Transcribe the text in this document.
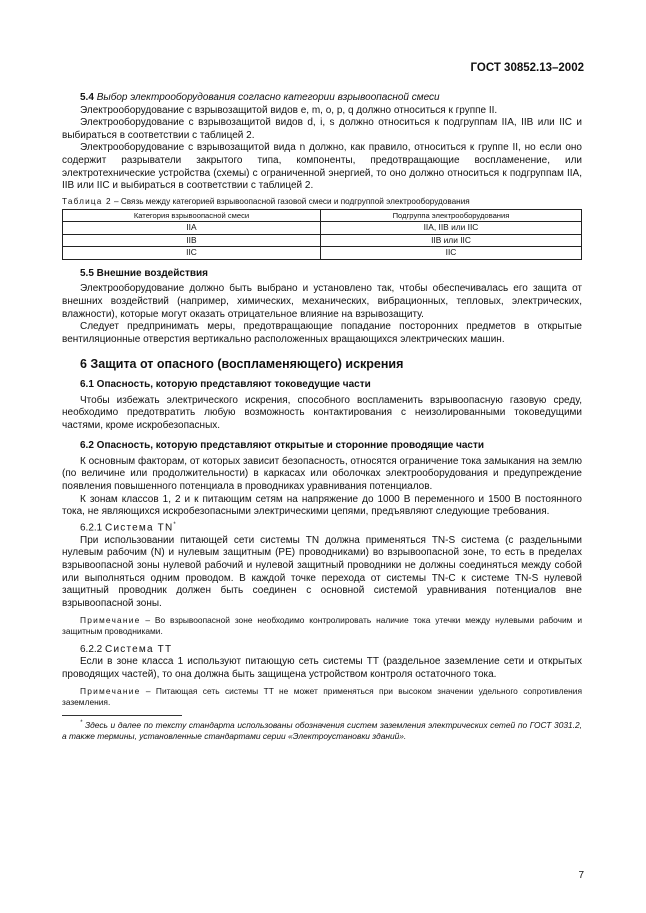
ГОСТ 30852.13–2002

5.4 Выбор электрооборудования согласно категории взрывоопасной смеси

Электрооборудование с взрывозащитой видов e, m, o, p, q должно относиться к группе II.

Электрооборудование с взрывозащитой видов d, i, s должно относиться к подгруппам IIA, IIB или IIC и выбираться в соответствии с таблицей 2.

Электрооборудование с взрывозащитой вида n должно, как правило, относиться к группе II, но если оно содержит разрыватели закрытого типа, компоненты, предотвращающие воспламенение, или электротехнические устройства (схемы) с ограниченной энергией, то оно должно относиться к подгруппам IIA, IIB или IIC и выбираться в соответствии с таблицей 2.

Таблица 2 – Связь между категорией взрывоопасной газовой смеси и подгруппой электрооборудования
Категория взрывоопасной смеси	Подгруппа электрооборудования
IIA	IIA, IIB или IIC
IIB	IIB или IIC
IIC	IIC

5.5 Внешние воздействия

Электрооборудование должно быть выбрано и установлено так, чтобы обеспечивалась его защита от внешних воздействий (например, химических, механических, вибрационных, тепловых, электрических, влажности), которые могут оказать отрицательное влияние на взрывозащиту.

Следует предпринимать меры, предотвращающие попадание посторонних предметов в открытые вентиляционные отверстия вертикально расположенных вращающихся электрических машин.

6 Защита от опасного (воспламеняющего) искрения

6.1 Опасность, которую представляют токоведущие части

Чтобы избежать электрического искрения, способного воспламенить взрывоопасную газовую среду, необходимо предотвратить любую возможность контактирования с неизолированными токоведущими частями, кроме искробезопасных.

6.2 Опасность, которую представляют открытые и сторонние проводящие части

К основным факторам, от которых зависит безопасность, относятся ограничение тока замыкания на землю (по величине или продолжительности) в каркасах или оболочках электрооборудования и предупреждение появления повышенного потенциала в проводниках уравнивания потенциалов.

К зонам классов 1, 2 и к питающим сетям на напряжение до 1000 В переменного и 1500 В постоянного тока, не являющихся искробезопасными электрическими цепями, предъявляют следующие требования.

6.2.1 Система TN*

При использовании питающей сети системы TN должна применяться TN-S система (с раздельными нулевым рабочим (N) и нулевым защитным (PE) проводниками) во взрывоопасной зоне, то есть в пределах взрывоопасной зоны нулевой рабочий и нулевой защитный проводники не должны соединяться между собой или выполняться одним проводом. В каждой точке перехода от системы TN-C к системе TN-S нулевой защитный проводник должен быть соединен с основной системой уравнивания потенциалов вне взрывоопасной зоны.

Примечание – Во взрывоопасной зоне необходимо контролировать наличие тока утечки между нулевыми рабочим и защитным проводниками.

6.2.2 Система TT

Если в зоне класса 1 используют питающую сеть системы TT (раздельное заземление сети и открытых проводящих частей), то она должна быть защищена устройством контроля остаточного тока.

Примечание – Питающая сеть системы TT не может применяться при высоком значении удельного сопротивления заземления.

* Здесь и далее по тексту стандарта использованы обозначения систем заземления электрических сетей по ГОСТ 3031.2, а также термины, установленные стандартами серии «Электроустановки зданий».

7
